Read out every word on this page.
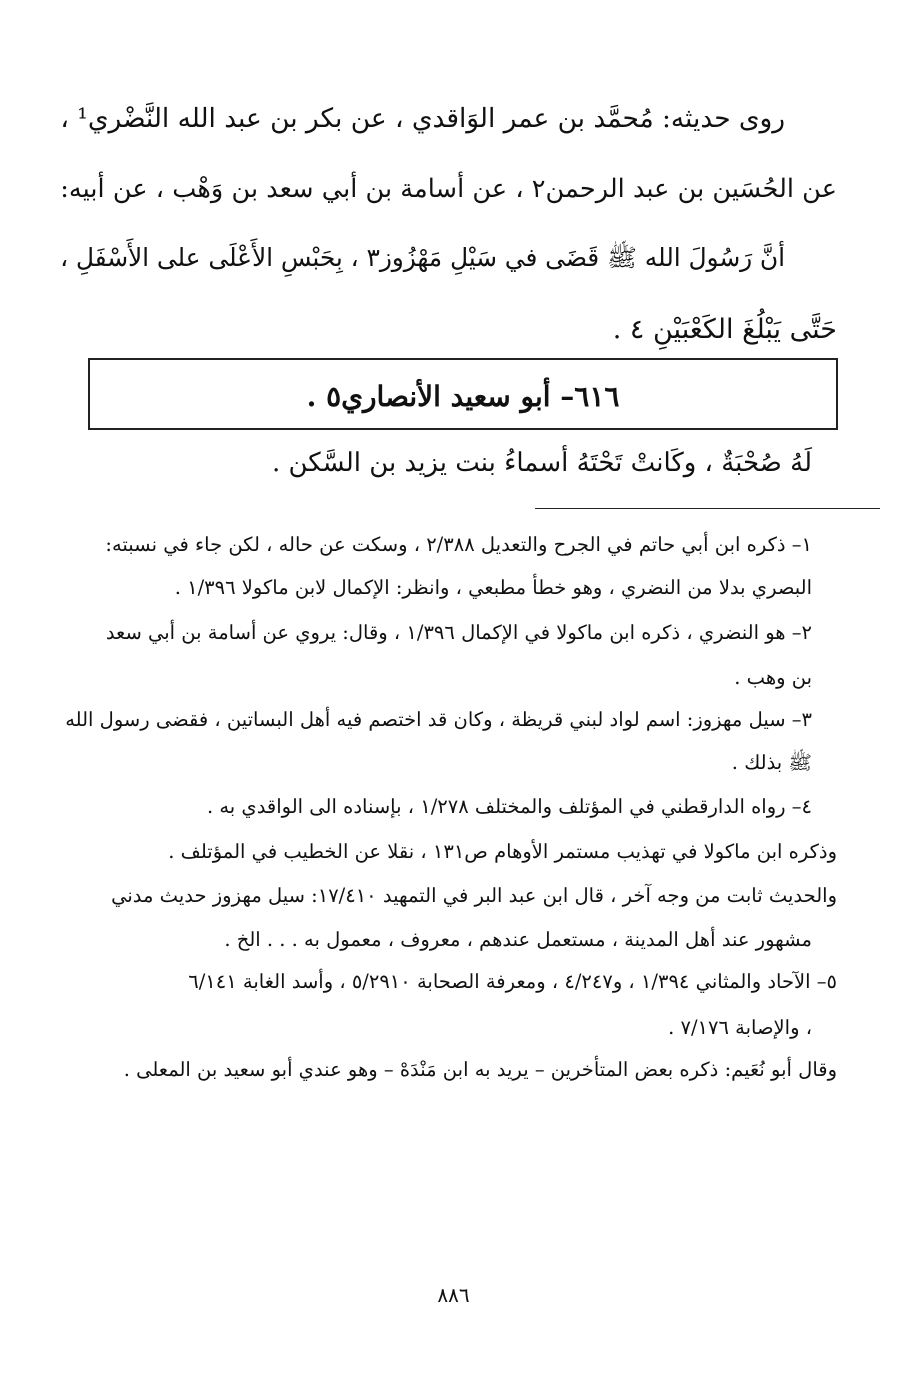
روى حديثه: مُحمَّد بن عمر الوَاقدي ، عن بكر بن عبد الله النَّضْري¹ ،
عن الحُسَين بن عبد الرحمن٢ ، عن أسامة بن أبي سعد بن وَهْب ، عن أبيه:
أنَّ رَسُولَ الله ﷺ قَضَى في سَيْلِ مَهْزُوز٣ ، بِحَبْسِ الأَعْلَى على الأَسْفَلِ ،
حَتَّى يَبْلُغَ الكَعْبَيْنِ ٤ .
٦١٦– أبو سعيد الأنصاري٥ .
لَهُ صُحْبَةٌ ، وكَانتْ تَحْتَهُ أسماءُ بنت يزيد بن السَّكن .
١– ذكره ابن أبي حاتم في الجرح والتعديل ٢/٣٨٨ ، وسكت عن حاله ، لكن جاء في نسبته:
البصري بدلا من النضري ، وهو خطأ مطبعي ، وانظر: الإكمال لابن ماكولا ١/٣٩٦ .
٢– هو النضري ، ذكره ابن ماكولا في الإكمال ١/٣٩٦ ، وقال: يروي عن أسامة بن أبي سعد
بن وهب .
٣– سيل مهزوز: اسم لواد لبني قريظة ، وكان قد اختصم فيه أهل البساتين ، فقضى رسول الله
ﷺ بذلك .
٤– رواه الدارقطني في المؤتلف والمختلف ١/٢٧٨ ، بإسناده الى الواقدي به .
وذكره ابن ماكولا في تهذيب مستمر الأوهام ص١٣١ ، نقلا عن الخطيب في المؤتلف .
والحديث ثابت من وجه آخر ، قال ابن عبد البر في التمهيد ١٧/٤١٠: سيل مهزوز حديث مدني
مشهور عند أهل المدينة ، مستعمل عندهم ، معروف ، معمول به . . . الخ .
٥– الآحاد والمثاني ١/٣٩٤ ، و٤/٢٤٧ ، ومعرفة الصحابة ٥/٢٩١٠ ، وأسد الغابة ٦/١٤١
، والإصابة ٧/١٧٦ .
وقال أبو نُعَيم: ذكره بعض المتأخرين – يريد به ابن مَنْدَهْ – وهو عندي أبو سعيد بن المعلى .
٨٨٦
